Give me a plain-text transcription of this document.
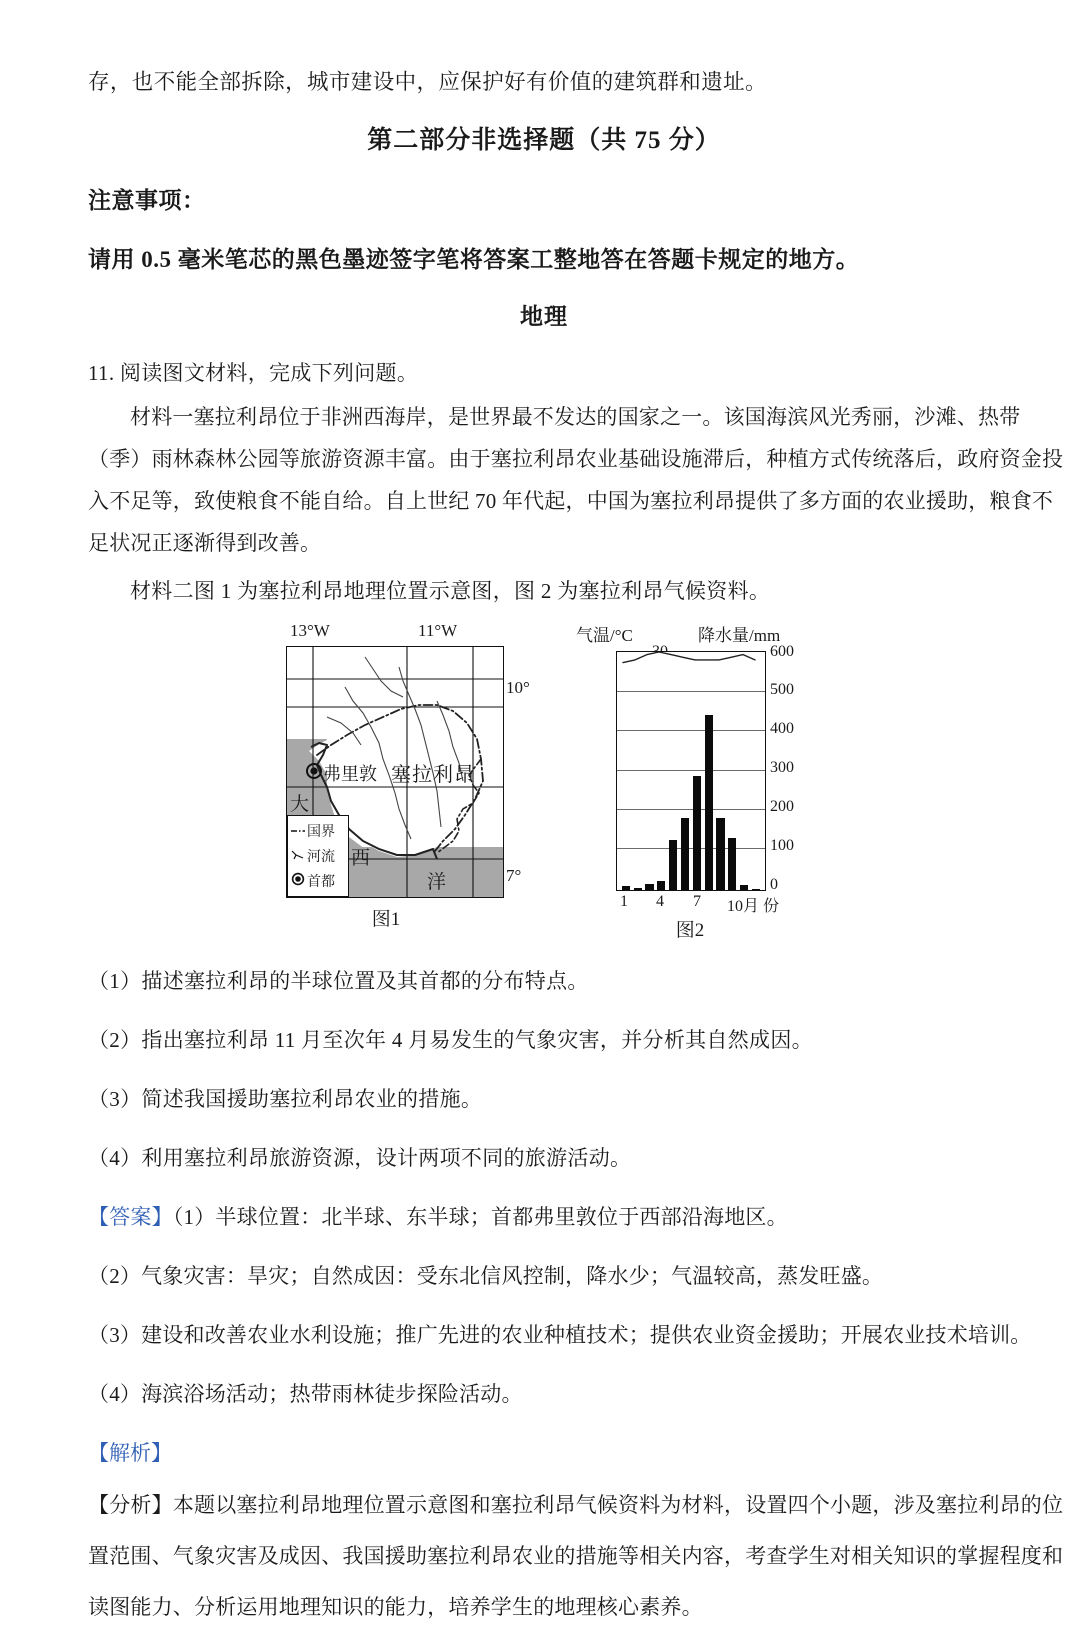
存，也不能全部拆除，城市建设中，应保护好有价值的建筑群和遗址。
第二部分非选择题（共 75 分）
注意事项：
请用 0.5 毫米笔芯的黑色墨迹签字笔将答案工整地答在答题卡规定的地方。
地理
11. 阅读图文材料，完成下列问题。
材料一塞拉利昂位于非洲西海岸，是世界最不发达的国家之一。该国海滨风光秀丽，沙滩、热带
（季）雨林森林公园等旅游资源丰富。由于塞拉利昂农业基础设施滞后，种植方式传统落后，政府资金投
入不足等，致使粮食不能自给。自上世纪 70 年代起，中国为塞拉利昂提供了多方面的农业援助，粮食不
足状况正逐渐得到改善。
材料二图 1 为塞拉利昂地理位置示意图，图 2 为塞拉利昂气候资料。
13°W	11°W
10°
7°
弗里敦 塞拉利昂
大
西
洋
国界
河流
首都
图1
气温/°C	降水量/mm
600
500
400
300
200
100
0
1 4 7 10月 份
图2
（1）描述塞拉利昂的半球位置及其首都的分布特点。
（2）指出塞拉利昂 11 月至次年 4 月易发生的气象灾害，并分析其自然成因。
（3）简述我国援助塞拉利昂农业的措施。
（4）利用塞拉利昂旅游资源，设计两项不同的旅游活动。
【答案】（1）半球位置：北半球、东半球；首都弗里敦位于西部沿海地区。
（2）气象灾害：旱灾；自然成因：受东北信风控制，降水少；气温较高，蒸发旺盛。
（3）建设和改善农业水利设施；推广先进的农业种植技术；提供农业资金援助；开展农业技术培训。
（4）海滨浴场活动；热带雨林徒步探险活动。
【解析】
【分析】本题以塞拉利昂地理位置示意图和塞拉利昂气候资料为材料，设置四个小题，涉及塞拉利昂的位
置范围、气象灾害及成因、我国援助塞拉利昂农业的措施等相关内容，考查学生对相关知识的掌握程度和
读图能力、分析运用地理知识的能力，培养学生的地理核心素养。
